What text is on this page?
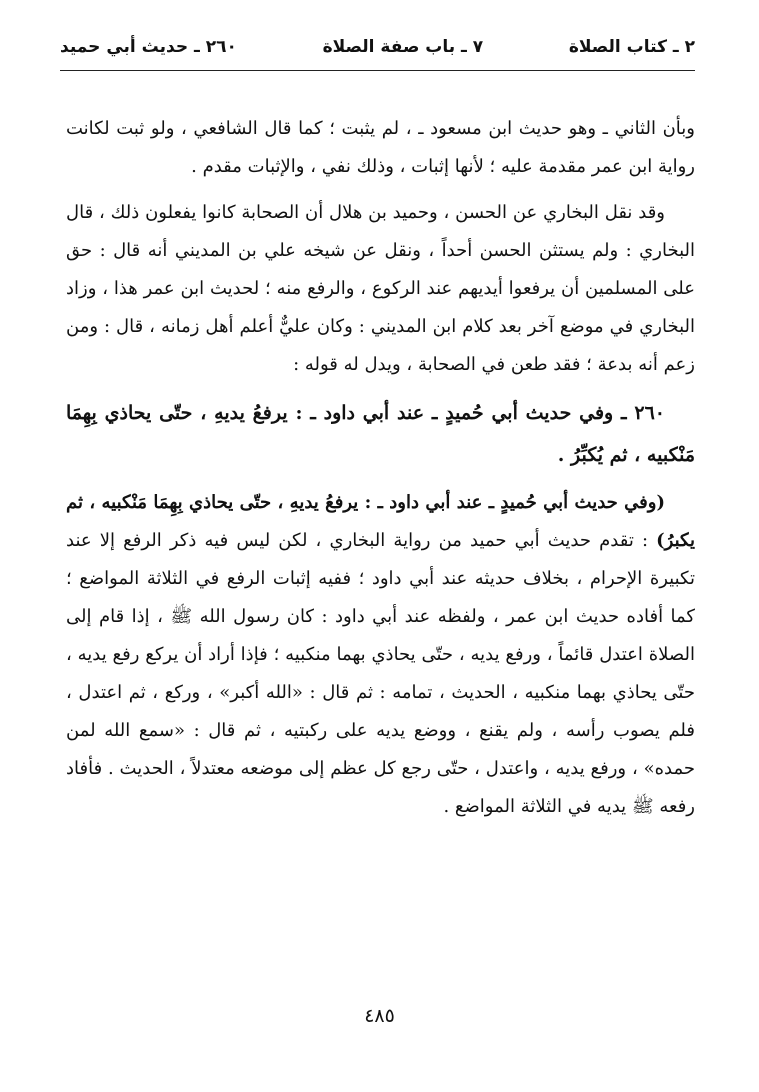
٢ ـ كتاب الصلاة
٧ ـ باب صفة الصلاة
٢٦٠ ـ حديث أبي حميد

وبأن الثاني ـ وهو حديث ابن مسعود ـ ، لم يثبت ؛ كما قال الشافعي ، ولو ثبت لكانت رواية ابن عمر مقدمة عليه ؛ لأنها إثبات ، وذلك نفي ، والإثبات مقدم .

وقد نقل البخاري عن الحسن ، وحميد بن هلال أن الصحابة كانوا يفعلون ذلك ، قال البخاري : ولم يستثن الحسن أحداً ، ونقل عن شيخه علي بن المديني أنه قال : حق على المسلمين أن يرفعوا أيديهم عند الركوع ، والرفع منه ؛ لحديث ابن عمر هذا ، وزاد البخاري في موضع آخر بعد كلام ابن المديني : وكان عليٌّ أعلم أهل زمانه ، قال : ومن زعم أنه بدعة ؛ فقد طعن في الصحابة ، ويدل له قوله :

٢٦٠ ـ وفي حديث أبي حُميدٍ ـ عند أبي داود ـ : يرفعُ يديهِ ، حتّى يحاذي بِهِمَا مَنْكبيه ، ثم يُكبِّرُ .

(وفي حديث أبي حُميدٍ ـ عند أبي داود ـ : يرفعُ يديهِ ، حتّى يحاذي بِهِمَا مَنْكبيه ، ثم يكبرُ) : تقدم حديث أبي حميد من رواية البخاري ، لكن ليس فيه ذكر الرفع إلا عند تكبيرة الإحرام ، بخلاف حديثه عند أبي داود ؛ ففيه إثبات الرفع في الثلاثة المواضع ؛ كما أفاده حديث ابن عمر ، ولفظه عند أبي داود : كان رسول الله ﷺ ، إذا قام إلى الصلاة اعتدل قائماً ، ورفع يديه ، حتّى يحاذي بهما منكبيه ؛ فإذا أراد أن يركع رفع يديه ، حتّى يحاذي بهما منكبيه ، الحديث ، تمامه : ثم قال : «الله أكبر» ، وركع ، ثم اعتدل ، فلم يصوب رأسه ، ولم يقنع ، ووضع يديه على ركبتيه ، ثم قال : «سمع الله لمن حمده» ، ورفع يديه ، واعتدل ، حتّى رجع كل عظم إلى موضعه معتدلاً ، الحديث . فأفاد رفعه ﷺ يديه في الثلاثة المواضع .

٤٨٥
